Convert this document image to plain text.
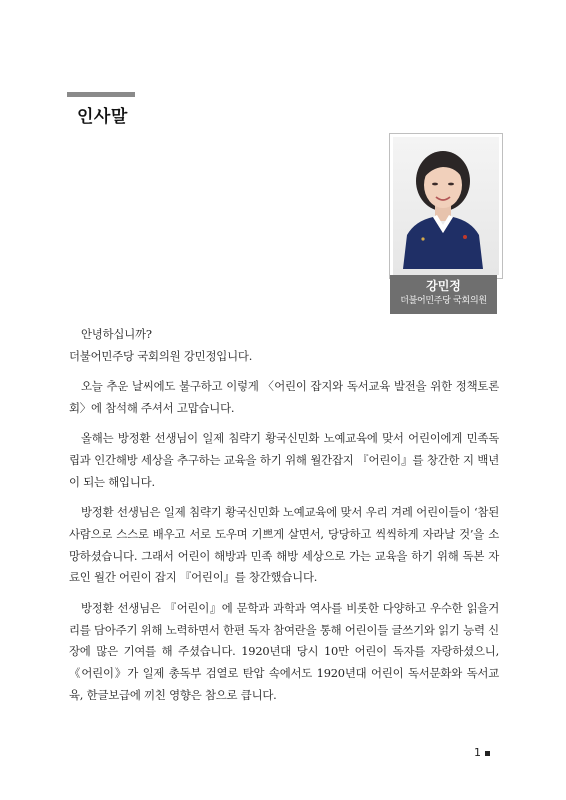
인사말
강민정
더불어민주당 국회의원

안녕하십니까?

더불어민주당 국회의원 강민정입니다.

오늘 추운 날씨에도 불구하고 이렇게 〈어린이 잡지와 독서교육 발전을 위한 정책토론회〉에 참석해 주셔서 고맙습니다.

올해는 방정환 선생님이 일제 침략기 황국신민화 노예교육에 맞서 어린이에게 민족독립과 인간해방 세상을 추구하는 교육을 하기 위해 월간잡지 『어린이』를 창간한 지 백년이 되는 해입니다.

방정환 선생님은 일제 침략기 황국신민화 노예교육에 맞서 우리 겨레 어린이들이 ‘참된 사람으로 스스로 배우고 서로 도우며 기쁘게 살면서, 당당하고 씩씩하게 자라날 것’을 소망하셨습니다. 그래서 어린이 해방과 민족 해방 세상으로 가는 교육을 하기 위해 독본 자료인 월간 어린이 잡지 『어린이』를 창간했습니다.

방정환 선생님은 『어린이』에 문학과 과학과 역사를 비롯한 다양하고 우수한 읽을거리를 담아주기 위해 노력하면서 한편 독자 참여란을 통해 어린이들 글쓰기와 읽기 능력 신장에 많은 기여를 해 주셨습니다. 1920년대 당시 10만 어린이 독자를 자랑하셨으니, 《어린이》가 일제 총독부 검열로 탄압 속에서도 1920년대 어린이 독서문화와 독서교육, 한글보급에 끼친 영향은 참으로 큽니다.

1
